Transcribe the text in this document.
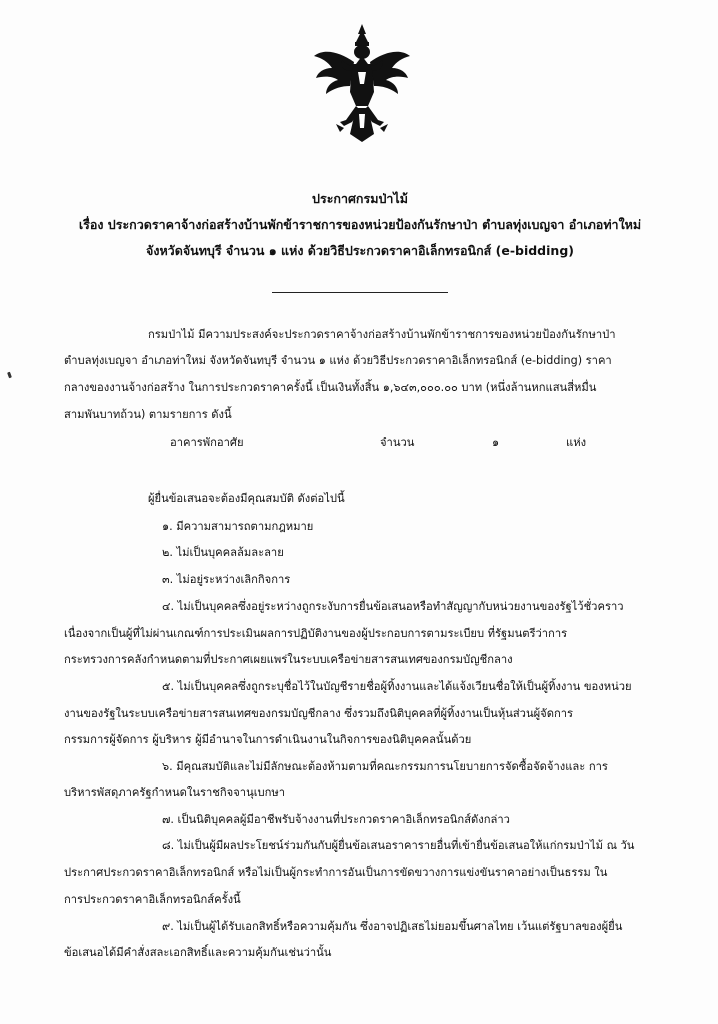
ประกาศกรมป่าไม้
เรื่อง ประกวดราคาจ้างก่อสร้างบ้านพักข้าราชการของหน่วยป้องกันรักษาป่า ตำบลทุ่งเบญจา อำเภอท่าใหม่
จังหวัดจันทบุรี จำนวน ๑ แห่ง ด้วยวิธีประกวดราคาอิเล็กทรอนิกส์ (e-bidding)
กรมป่าไม้ มีความประสงค์จะประกวดราคาจ้างก่อสร้างบ้านพักข้าราชการของหน่วยป้องกันรักษาป่า
ตำบลทุ่งเบญจา อำเภอท่าใหม่ จังหวัดจันทบุรี จำนวน ๑ แห่ง ด้วยวิธีประกวดราคาอิเล็กทรอนิกส์ (e-bidding) ราคา
กลางของงานจ้างก่อสร้าง ในการประกวดราคาครั้งนี้ เป็นเงินทั้งสิ้น ๑,๖๔๓,๐๐๐.๐๐ บาท (หนึ่งล้านหกแสนสี่หมื่น
สามพันบาทถ้วน) ตามรายการ ดังนี้
อาคารพักอาศัย	จำนวน	๑	แห่ง
ผู้ยื่นข้อเสนอจะต้องมีคุณสมบัติ ดังต่อไปนี้
๑. มีความสามารถตามกฎหมาย
๒. ไม่เป็นบุคคลล้มละลาย
๓. ไม่อยู่ระหว่างเลิกกิจการ
๔. ไม่เป็นบุคคลซึ่งอยู่ระหว่างถูกระงับการยื่นข้อเสนอหรือทำสัญญากับหน่วยงานของรัฐไว้ชั่วคราว
เนื่องจากเป็นผู้ที่ไม่ผ่านเกณฑ์การประเมินผลการปฏิบัติงานของผู้ประกอบการตามระเบียบ ที่รัฐมนตรีว่าการ
กระทรวงการคลังกำหนดตามที่ประกาศเผยแพร่ในระบบเครือข่ายสารสนเทศของกรมบัญชีกลาง
๕. ไม่เป็นบุคคลซึ่งถูกระบุชื่อไว้ในบัญชีรายชื่อผู้ทิ้งงานและได้แจ้งเวียนชื่อให้เป็นผู้ทิ้งงาน ของหน่วย
งานของรัฐในระบบเครือข่ายสารสนเทศของกรมบัญชีกลาง ซึ่งรวมถึงนิติบุคคลที่ผู้ทิ้งงานเป็นหุ้นส่วนผู้จัดการ
กรรมการผู้จัดการ ผู้บริหาร ผู้มีอำนาจในการดำเนินงานในกิจการของนิติบุคคลนั้นด้วย
๖. มีคุณสมบัติและไม่มีลักษณะต้องห้ามตามที่คณะกรรมการนโยบายการจัดซื้อจัดจ้างและ การ
บริหารพัสดุภาครัฐกำหนดในราชกิจจานุเบกษา
๗. เป็นนิติบุคคลผู้มีอาชีพรับจ้างงานที่ประกวดราคาอิเล็กทรอนิกส์ดังกล่าว
๘. ไม่เป็นผู้มีผลประโยชน์ร่วมกันกับผู้ยื่นข้อเสนอราคารายอื่นที่เข้ายื่นข้อเสนอให้แก่กรมป่าไม้ ณ วัน
ประกาศประกวดราคาอิเล็กทรอนิกส์ หรือไม่เป็นผู้กระทำการอันเป็นการขัดขวางการแข่งขันราคาอย่างเป็นธรรม ใน
การประกวดราคาอิเล็กทรอนิกส์ครั้งนี้
๙. ไม่เป็นผู้ได้รับเอกสิทธิ์หรือความคุ้มกัน ซึ่งอาจปฏิเสธไม่ยอมขึ้นศาลไทย เว้นแต่รัฐบาลของผู้ยื่น
ข้อเสนอได้มีคำสั่งสละเอกสิทธิ์และความคุ้มกันเช่นว่านั้น
